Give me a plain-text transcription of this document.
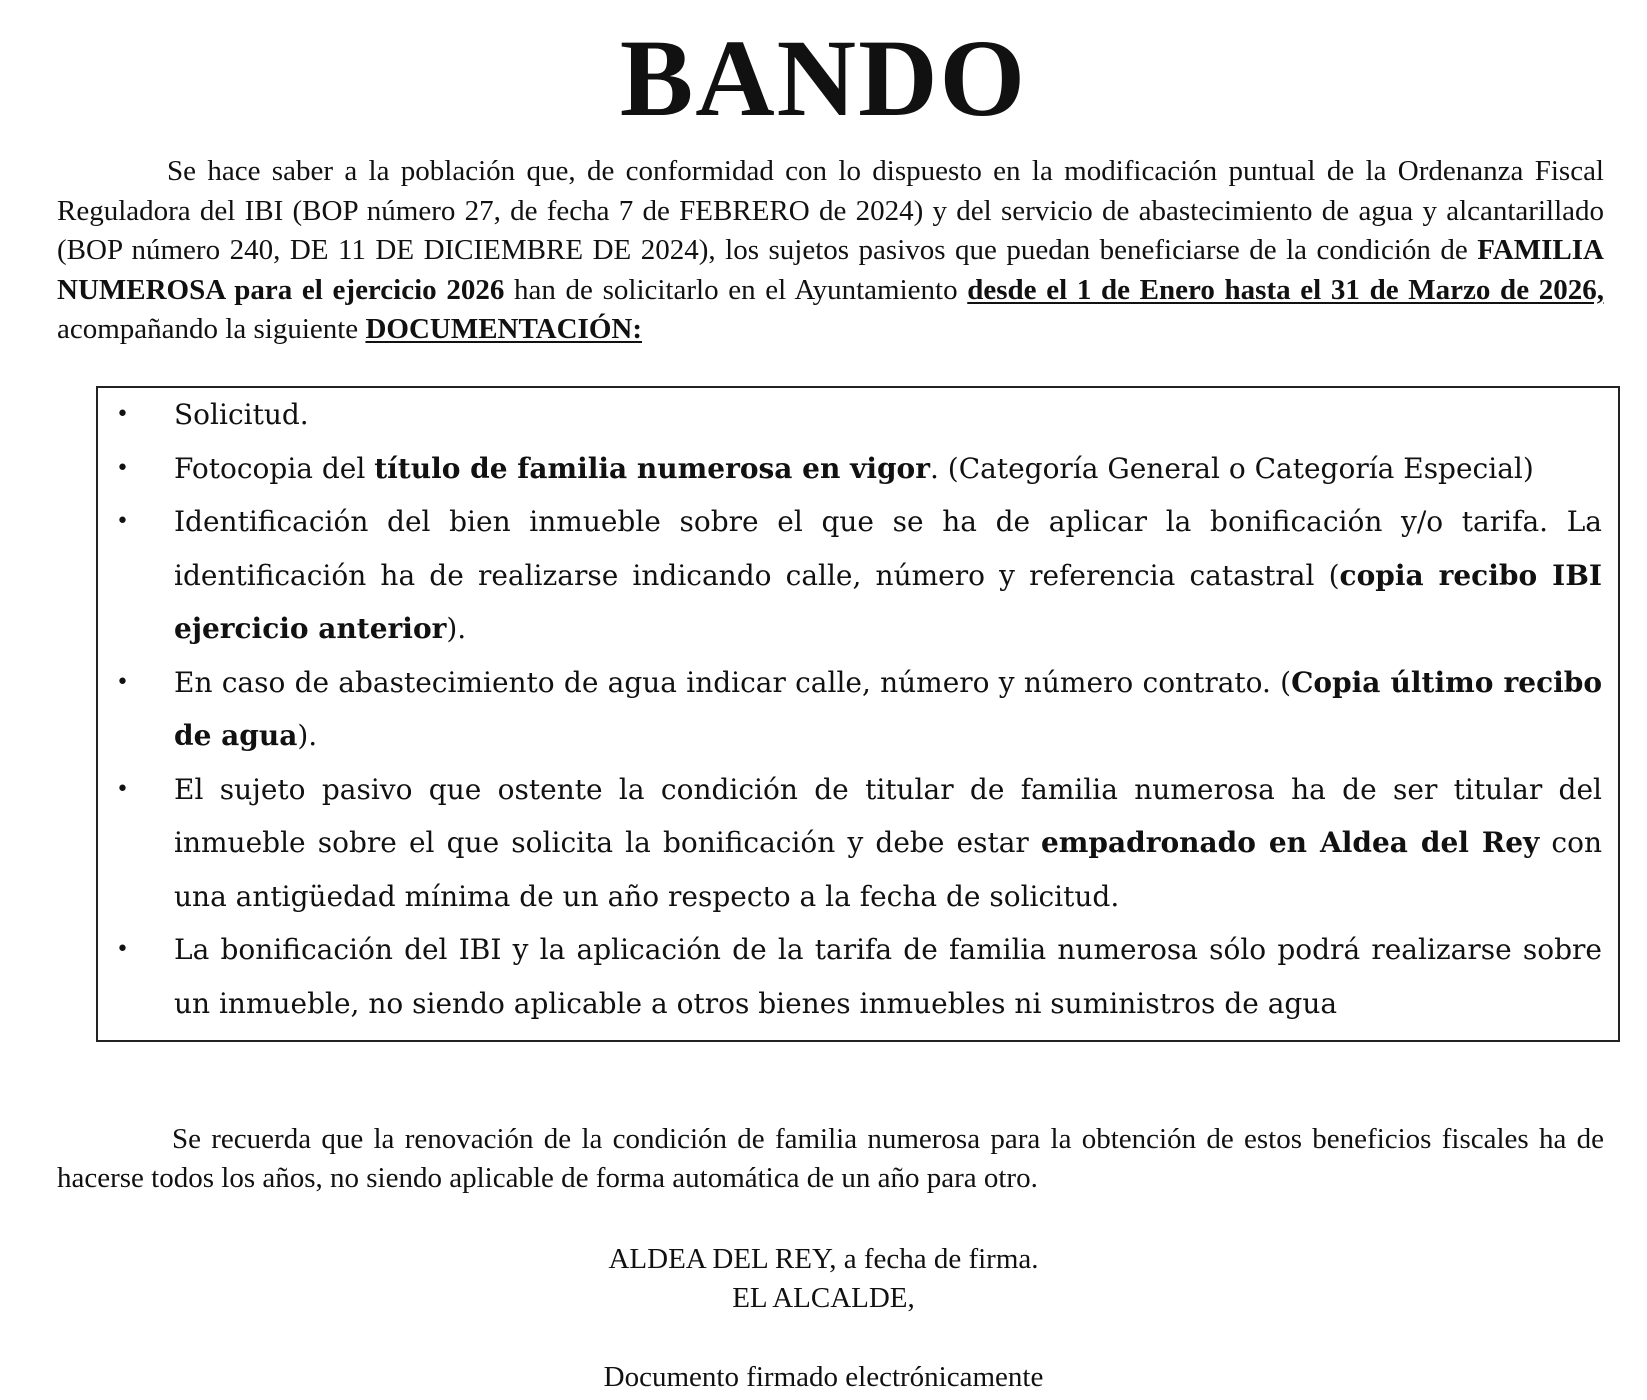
BANDO

Se hace saber a la población que, de conformidad con lo dispuesto en la modificación puntual de la Ordenanza Fiscal Reguladora del IBI (BOP número 27, de fecha 7 de FEBRERO de 2024) y del servicio de abastecimiento de agua y alcantarillado (BOP número 240, DE 11 DE DICIEMBRE DE 2024), los sujetos pasivos que puedan beneficiarse de la condición de FAMILIA NUMEROSA para el ejercicio 2026 han de solicitarlo en el Ayuntamiento desde el 1 de Enero hasta el 31 de Marzo de 2026, acompañando la siguiente DOCUMENTACIÓN:

• Solicitud.
• Fotocopia del título de familia numerosa en vigor. (Categoría General o Categoría Especial)
• Identificación del bien inmueble sobre el que se ha de aplicar la bonificación y/o tarifa. La identificación ha de realizarse indicando calle, número y referencia catastral (copia recibo IBI ejercicio anterior).
• En caso de abastecimiento de agua indicar calle, número y número contrato. (Copia último recibo de agua).
• El sujeto pasivo que ostente la condición de titular de familia numerosa ha de ser titular del inmueble sobre el que solicita la bonificación y debe estar empadronado en Aldea del Rey con una antigüedad mínima de un año respecto a la fecha de solicitud.
• La bonificación del IBI y la aplicación de la tarifa de familia numerosa sólo podrá realizarse sobre un inmueble, no siendo aplicable a otros bienes inmuebles ni suministros de agua

Se recuerda que la renovación de la condición de familia numerosa para la obtención de estos beneficios fiscales ha de hacerse todos los años, no siendo aplicable de forma automática de un año para otro.

ALDEA DEL REY, a fecha de firma.
EL ALCALDE,
Documento firmado electrónicamente
